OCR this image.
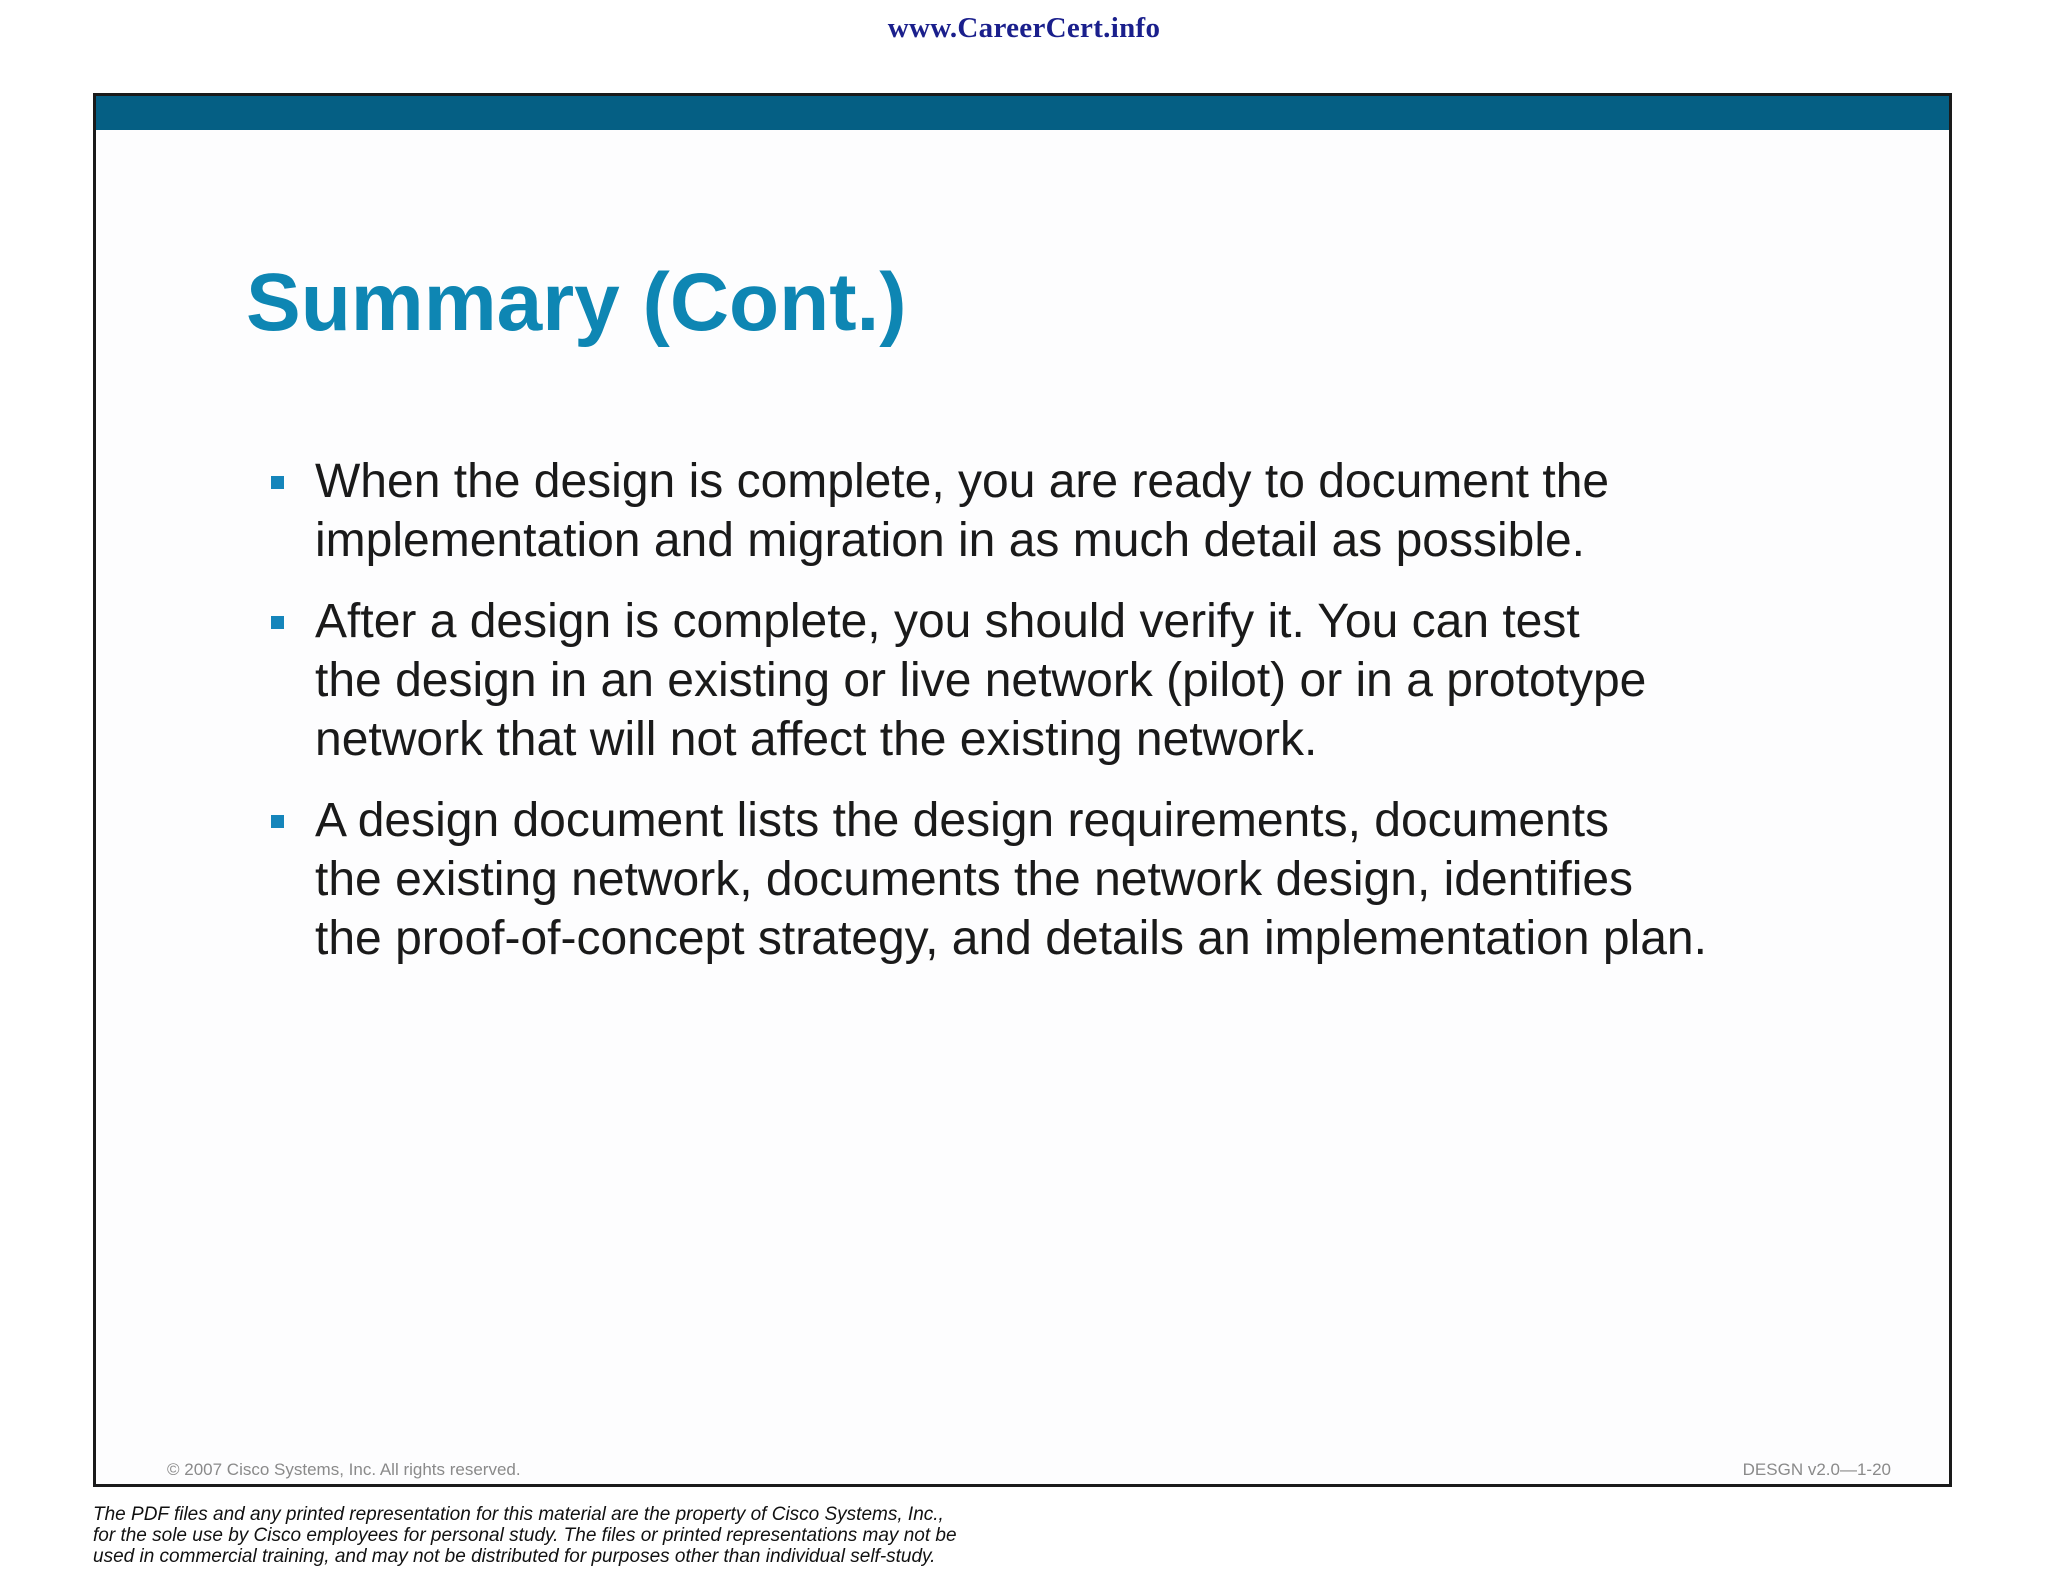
www.CareerCert.info
Summary (Cont.)
When the design is complete, you are ready to document the
implementation and migration in as much detail as possible.
After a design is complete, you should verify it. You can test
the design in an existing or live network (pilot) or in a prototype
network that will not affect the existing network.
A design document lists the design requirements, documents
the existing network, documents the network design, identifies
the proof-of-concept strategy, and details an implementation plan.
© 2007 Cisco Systems, Inc. All rights reserved.	DESGN v2.0—1-20
The PDF files and any printed representation for this material are the property of Cisco Systems, Inc.,
for the sole use by Cisco employees for personal study. The files or printed representations may not be
used in commercial training, and may not be distributed for purposes other than individual self-study.
